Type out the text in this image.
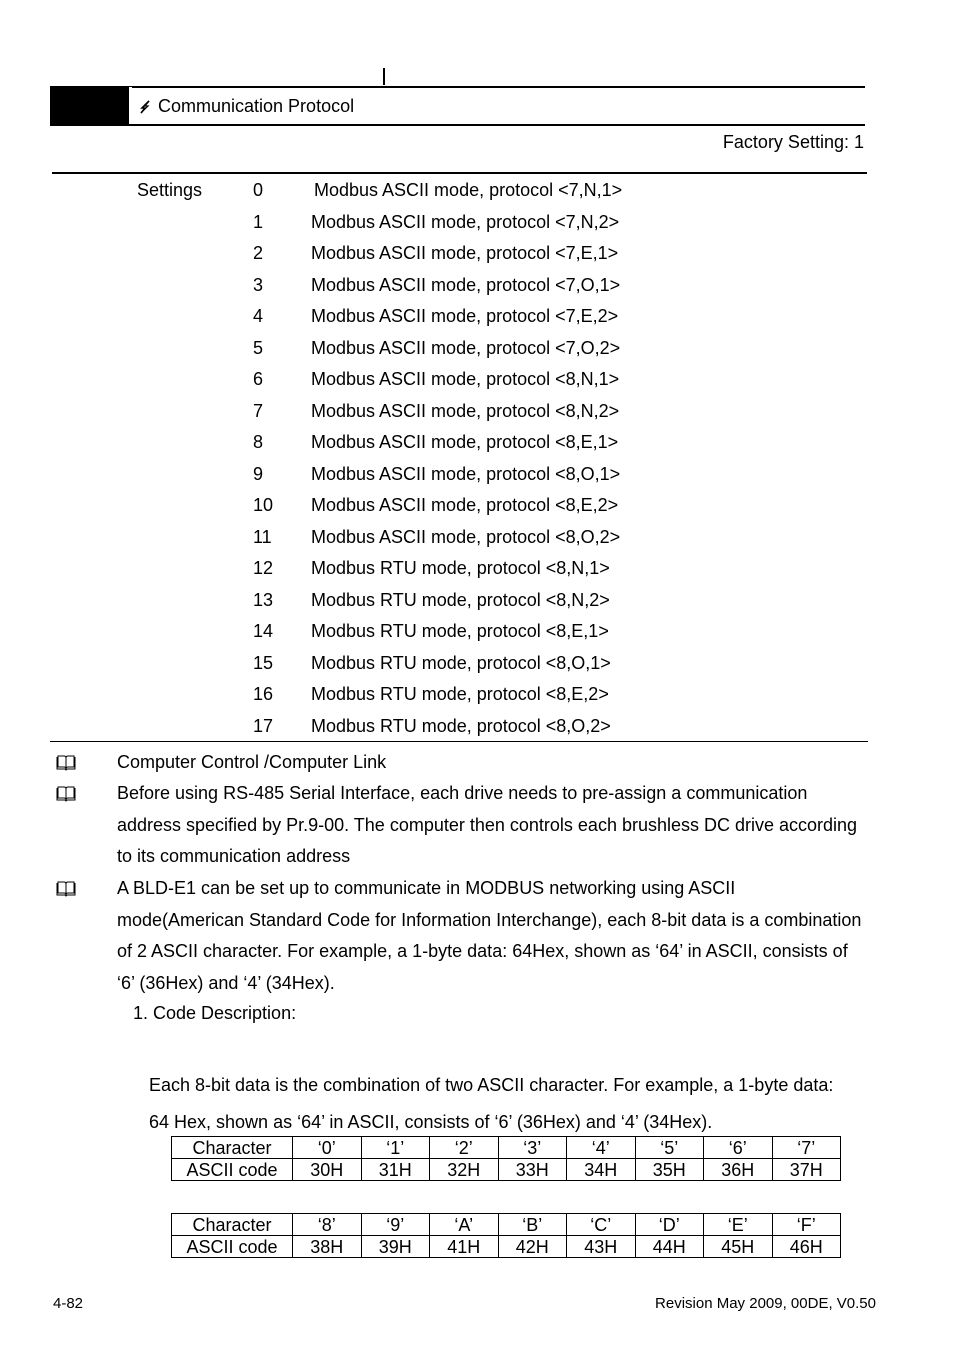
Communication Protocol
Factory Setting: 1
Settings	0	Modbus ASCII mode, protocol <7,N,1>
1	Modbus ASCII mode, protocol <7,N,2>
2	Modbus ASCII mode, protocol <7,E,1>
3	Modbus ASCII mode, protocol <7,O,1>
4	Modbus ASCII mode, protocol <7,E,2>
5	Modbus ASCII mode, protocol <7,O,2>
6	Modbus ASCII mode, protocol <8,N,1>
7	Modbus ASCII mode, protocol <8,N,2>
8	Modbus ASCII mode, protocol <8,E,1>
9	Modbus ASCII mode, protocol <8,O,1>
10 Modbus ASCII mode, protocol <8,E,2>
11 Modbus ASCII mode, protocol <8,O,2>
12 Modbus RTU mode, protocol <8,N,1>
13 Modbus RTU mode, protocol <8,N,2>
14 Modbus RTU mode, protocol <8,E,1>
15 Modbus RTU mode, protocol <8,O,1>
16 Modbus RTU mode, protocol <8,E,2>
17 Modbus RTU mode, protocol <8,O,2>
Computer Control /Computer Link
Before using RS-485 Serial Interface, each drive needs to pre-assign a communication
address specified by Pr.9-00. The computer then controls each brushless DC drive according
to its communication address
A BLD-E1 can be set up to communicate in MODBUS networking using ASCII
mode(American Standard Code for Information Interchange), each 8-bit data is a combination
of 2 ASCII character. For example, a 1-byte data: 64Hex, shown as ‘64’ in ASCII, consists of
‘6’ (36Hex) and ‘4’ (34Hex).
1. Code Description:
Each 8-bit data is the combination of two ASCII character. For example, a 1-byte data:
64 Hex, shown as ‘64’ in ASCII, consists of ‘6’ (36Hex) and ‘4’ (34Hex).
Character	‘0’	‘1’	‘2’	‘3’	‘4’	‘5’	‘6’	‘7’
ASCII code	30H	31H	32H	33H	34H	35H	36H	37H
Character	‘8’	‘9’	‘A’	‘B’	‘C’	‘D’	‘E’	‘F’
ASCII code	38H	39H	41H	42H	43H	44H	45H	46H
4-82	Revision May 2009, 00DE, V0.50
